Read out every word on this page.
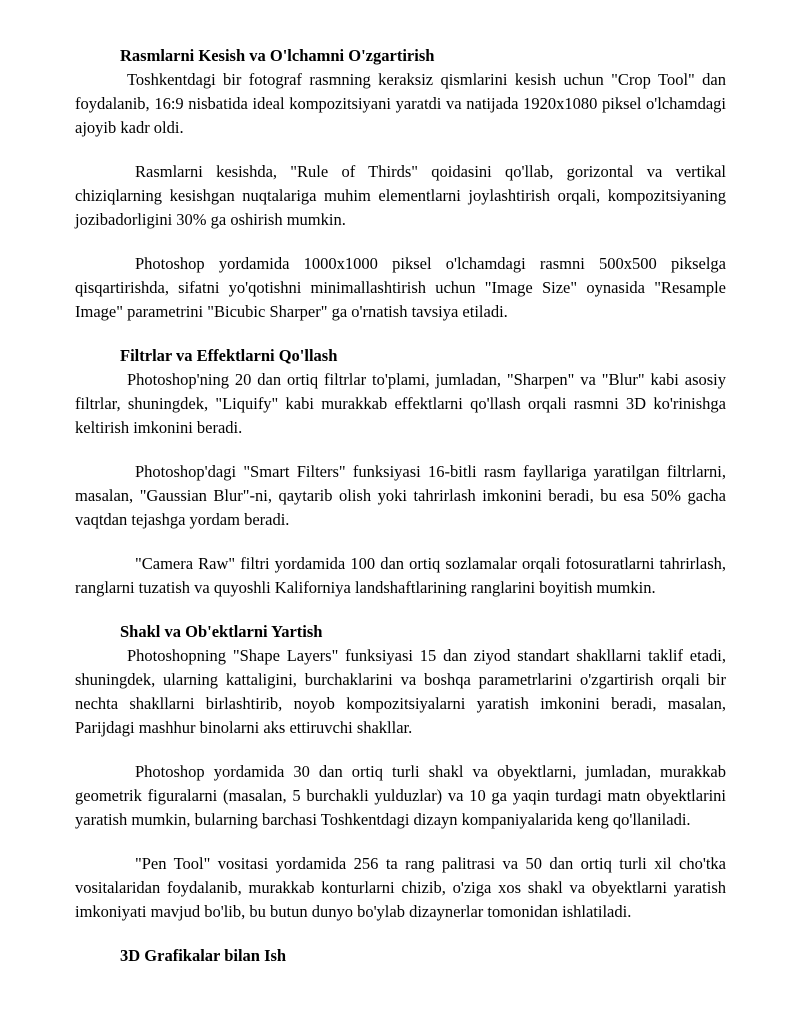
Rasmlarni Kesish va O'lchamni O'zgartirish

Toshkentdagi bir fotograf rasmning keraksiz qismlarini kesish uchun "Crop Tool" dan foydalanib, 16:9 nisbatida ideal kompozitsiyani yaratdi va natijada 1920x1080 piksel o'lchamdagi ajoyib kadr oldi.

Rasmlarni kesishda, "Rule of Thirds" qoidasini qo'llab, gorizontal va vertikal chiziqlarning kesishgan nuqtalariga muhim elementlarni joylashtirish orqali, kompozitsiyaning jozibadorligini 30% ga oshirish mumkin.

Photoshop yordamida 1000x1000 piksel o'lchamdagi rasmni 500x500 pikselga qisqartirishda, sifatni yo'qotishni minimallashtirish uchun "Image Size" oynasida "Resample Image" parametrini "Bicubic Sharper" ga o'rnatish tavsiya etiladi.

Filtrlar va Effektlarni Qo'llash

Photoshop'ning 20 dan ortiq filtrlar to'plami, jumladan, "Sharpen" va "Blur" kabi asosiy filtrlar, shuningdek, "Liquify" kabi murakkab effektlarni qo'llash orqali rasmni 3D ko'rinishga keltirish imkonini beradi.

Photoshop'dagi "Smart Filters" funksiyasi 16-bitli rasm fayllariga yaratilgan filtrlarni, masalan, "Gaussian Blur"-ni, qaytarib olish yoki tahrirlash imkonini beradi, bu esa 50% gacha vaqtdan tejashga yordam beradi.

"Camera Raw" filtri yordamida 100 dan ortiq sozlamalar orqali fotosuratlarni tahrirlash, ranglarni tuzatish va quyoshli Kaliforniya landshaftlarining ranglarini boyitish mumkin.

Shakl va Ob'ektlarni Yartish

Photoshopning "Shape Layers" funksiyasi 15 dan ziyod standart shakllarni taklif etadi, shuningdek, ularning kattaligini, burchaklarini va boshqa parametrlarini o'zgartirish orqali bir nechta shakllarni birlashtirib, noyob kompozitsiyalarni yaratish imkonini beradi, masalan, Parijdagi mashhur binolarni aks ettiruvchi shakllar.

Photoshop yordamida 30 dan ortiq turli shakl va obyektlarni, jumladan, murakkab geometrik figuralarni (masalan, 5 burchakli yulduzlar) va 10 ga yaqin turdagi matn obyektlarini yaratish mumkin, bularning barchasi Toshkentdagi dizayn kompaniyalarida keng qo'llaniladi.

"Pen Tool" vositasi yordamida 256 ta rang palitrasi va 50 dan ortiq turli xil cho'tka vositalaridan foydalanib, murakkab konturlarni chizib, o'ziga xos shakl va obyektlarni yaratish imkoniyati mavjud bo'lib, bu butun dunyo bo'ylab dizaynerlar tomonidan ishlatiladi.

3D Grafikalar bilan Ish
